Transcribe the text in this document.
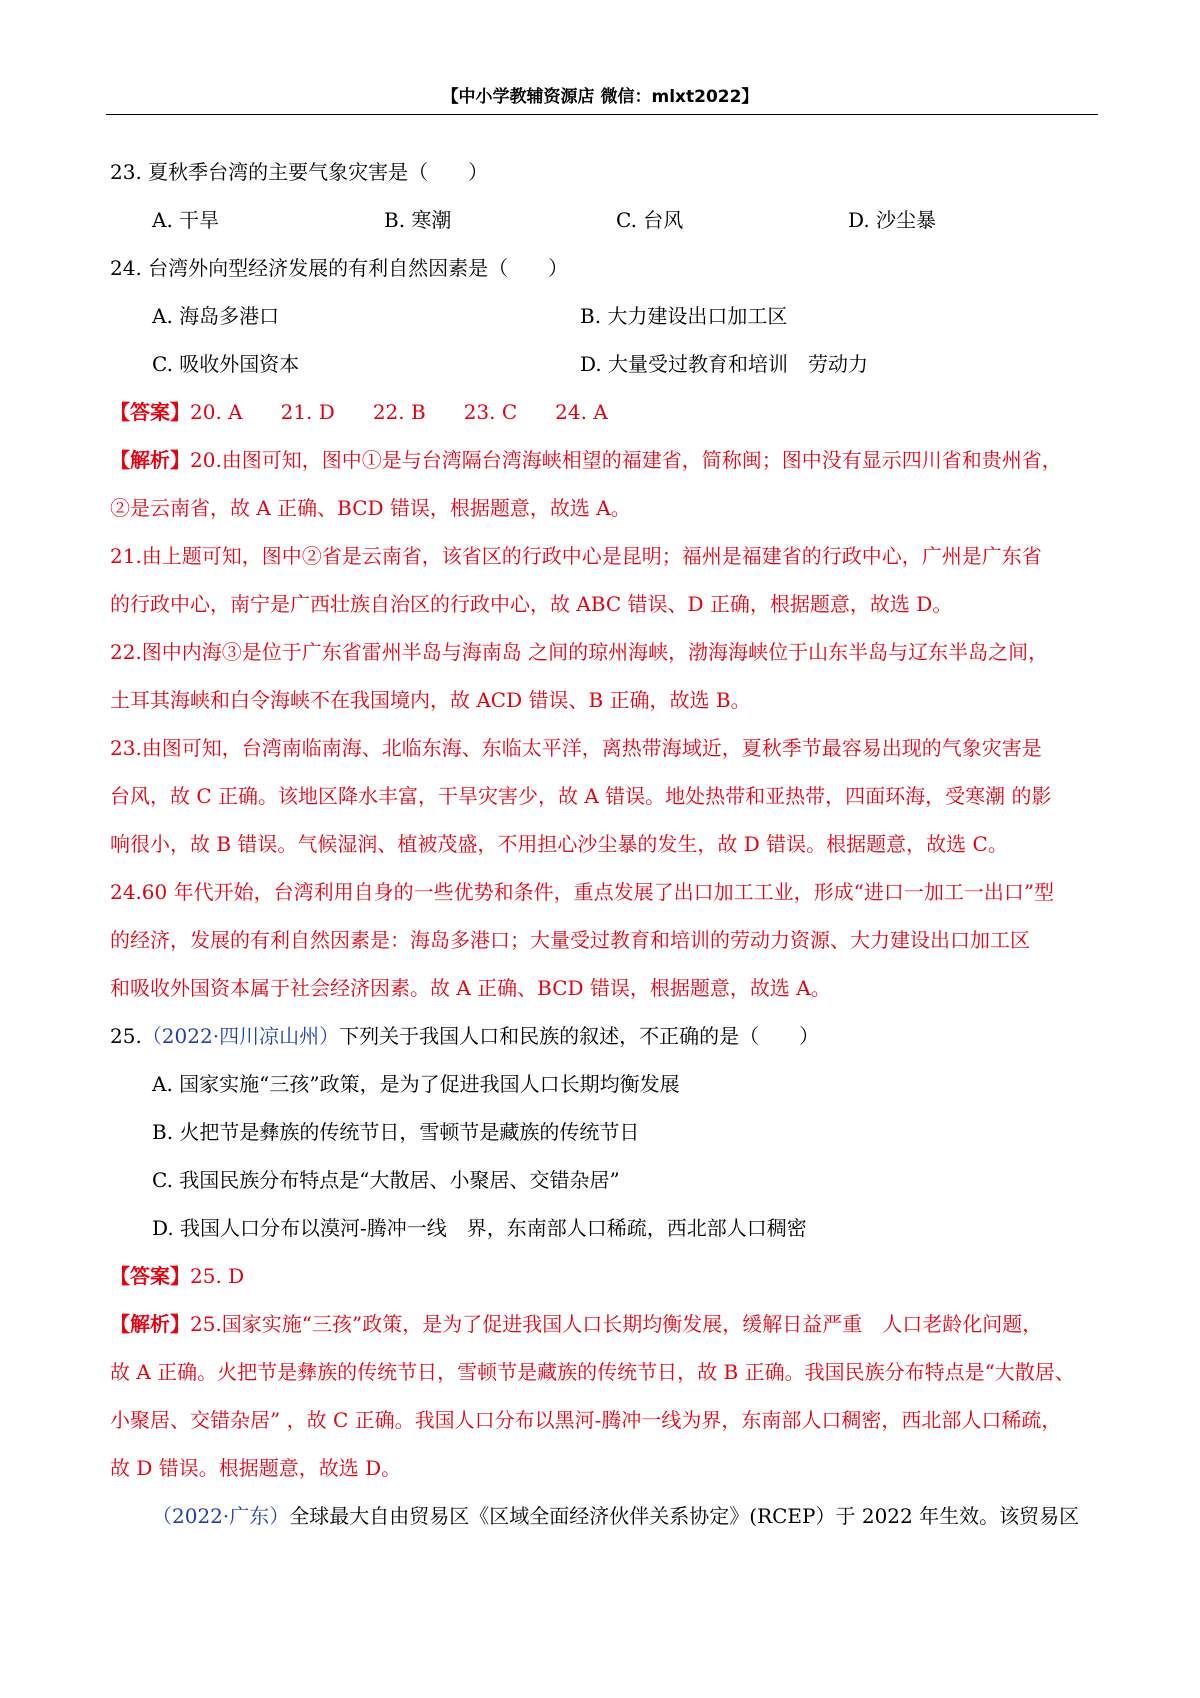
【中小学教辅资源店 微信：mlxt2022】
23. 夏秋季台湾的主要气象灾害是（　　）
A. 干旱	B. 寒潮	C. 台风	D. 沙尘暴
24. 台湾外向型经济发展的有利自然因素是（　　）
A. 海岛多港口	B. 大力建设出口加工区
C. 吸收外国资本	D. 大量受过教育和培训　劳动力
【答案】20. A 21. D 22. B 23. C 24. A
【解析】20.由图可知，图中①是与台湾隔台湾海峡相望的福建省，简称闽；图中没有显示四川省和贵州省，
②是云南省，故 A 正确、BCD 错误，根据题意，故选 A。
21.由上题可知，图中②省是云南省，该省区的行政中心是昆明；福州是福建省的行政中心，广州是广东省
的行政中心，南宁是广西壮族自治区的行政中心，故 ABC 错误、D 正确，根据题意，故选 D。
22.图中内海③是位于广东省雷州半岛与海南岛 之间的琼州海峡，渤海海峡位于山东半岛与辽东半岛之间，
土耳其海峡和白令海峡不在我国境内，故 ACD 错误、B 正确，故选 B。
23.由图可知，台湾南临南海、北临东海、东临太平洋，离热带海域近，夏秋季节最容易出现的气象灾害是
台风，故 C 正确。该地区降水丰富，干旱灾害少，故 A 错误。地处热带和亚热带，四面环海，受寒潮 的影
响很小，故 B 错误。气候湿润、植被茂盛，不用担心沙尘暴的发生，故 D 错误。根据题意，故选 C。
24.60 年代开始，台湾利用自身的一些优势和条件，重点发展了出口加工工业，形成“进口一加工一出口”型
的经济，发展的有利自然因素是：海岛多港口；大量受过教育和培训的劳动力资源、大力建设出口加工区
和吸收外国资本属于社会经济因素。故 A 正确、BCD 错误，根据题意，故选 A。
25.（2022·四川凉山州）下列关于我国人口和民族的叙述，不正确的是（　　）
A. 国家实施“三孩”政策，是为了促进我国人口长期均衡发展
B. 火把节是彝族的传统节日，雪顿节是藏族的传统节日
C. 我国民族分布特点是“大散居、小聚居、交错杂居”
D. 我国人口分布以漠河-腾冲一线　界，东南部人口稀疏，西北部人口稠密
【答案】25. D
【解析】25.国家实施“三孩”政策，是为了促进我国人口长期均衡发展，缓解日益严重　人口老龄化问题，
故 A 正确。火把节是彝族的传统节日，雪顿节是藏族的传统节日，故 B 正确。我国民族分布特点是“大散居、
小聚居、交错杂居” ，故 C 正确。我国人口分布以黑河-腾冲一线为界，东南部人口稠密，西北部人口稀疏，
故 D 错误。根据题意，故选 D。
（2022·广东）全球最大自由贸易区《区域全面经济伙伴关系协定》(RCEP）于 2022 年生效。该贸易区
